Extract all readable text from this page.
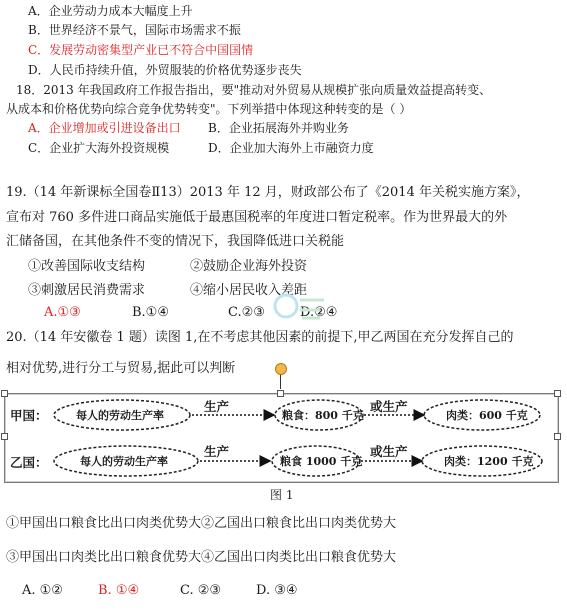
A．企业劳动力成本大幅度上升
B．世界经济不景气，国际市场需求不振
C．发展劳动密集型产业已不符合中国国情
D．人民币持续升值，外贸服装的价格优势逐步丧失
18．2013 年我国政府工作报告指出，要"推动对外贸易从规模扩张向质量效益提高转变、
从成本和价格优势向综合竞争优势转变"。下列举措中体现这种转变的是（ ）
A．企业增加或引进设备出口 B．企业拓展海外并购业务
C．企业扩大海外投资规模	D．企业加大海外上市融资力度
19.（14 年新课标全国卷Ⅱ13）2013 年 12 月，财政部公布了《2014 年关税实施方案》，
宣布对 760 多件进口商品实施低于最惠国税率的年度进口暂定税率。作为世界最大的外
汇储备国，在其他条件不变的情况下，我国降低进口关税能
①改善国际收支结构	②鼓励企业海外投资
③刺激居民消费需求	④缩小居民收入差距
A.①③	B.①④	C.②③	D.②④
20.（14 年安徽卷 1 题）读图 1,在不考虑其他因素的前提下,甲乙两国在充分发挥自己的
相对优势,进行分工与贸易,据此可以判断
甲国：	每人的劳动生产率
生产
粮食：800 千克
或生产
肉类：600 千克
乙国：	每人的劳动生产率
生产
粮食 1000 千克
或生产
肉类：1200 千克
图 1
①甲国出口粮食比出口肉类优势大②乙国出口粮食比出口肉类优势大
③甲国出口肉类比出口粮食优势大④乙国出口肉类比出口粮食优势大
A. ①②	B. ①④	C. ②③	D. ③④
